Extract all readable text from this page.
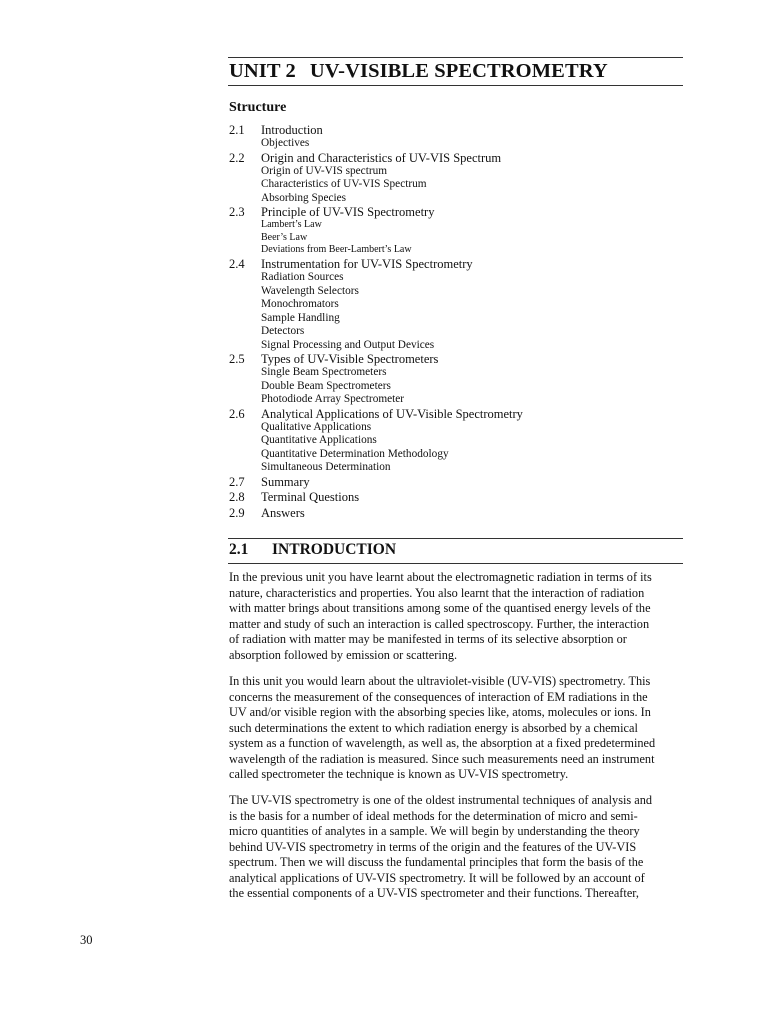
UNIT 2 UV-VISIBLE SPECTROMETRY
Structure
2.1	Introduction
Objectives
2.2	Origin and Characteristics of UV-VIS Spectrum
Origin of UV-VIS spectrum
Characteristics of UV-VIS Spectrum
Absorbing Species
2.3	Principle of UV-VIS Spectrometry
Lambert’s Law
Beer’s Law
Deviations from Beer-Lambert’s Law
2.4	Instrumentation for UV-VIS Spectrometry
Radiation Sources
Wavelength Selectors
Monochromators
Sample Handling
Detectors
Signal Processing and Output Devices
2.5	Types of UV-Visible Spectrometers
Single Beam Spectrometers
Double Beam Spectrometers
Photodiode Array Spectrometer
2.6	Analytical Applications of UV-Visible Spectrometry
Qualitative Applications
Quantitative Applications
Quantitative Determination Methodology
Simultaneous Determination
2.7	Summary
2.8	Terminal Questions
2.9	Answers
2.1 INTRODUCTION
In the previous unit you have learnt about the electromagnetic radiation in terms of its
nature, characteristics and properties. You also learnt that the interaction of radiation
with matter brings about transitions among some of the quantised energy levels of the
matter and study of such an interaction is called spectroscopy. Further, the interaction
of radiation with matter may be manifested in terms of its selective absorption or
absorption followed by emission or scattering.
In this unit you would learn about the ultraviolet-visible (UV-VIS) spectrometry. This
concerns the measurement of the consequences of interaction of EM radiations in the
UV and/or visible region with the absorbing species like, atoms, molecules or ions. In
such determinations the extent to which radiation energy is absorbed by a chemical
system as a function of wavelength, as well as, the absorption at a fixed predetermined
wavelength of the radiation is measured. Since such measurements need an instrument
called spectrometer the technique is known as UV-VIS spectrometry.
The UV-VIS spectrometry is one of the oldest instrumental techniques of analysis and
is the basis for a number of ideal methods for the determination of micro and semi-
micro quantities of analytes in a sample. We will begin by understanding the theory
behind UV-VIS spectrometry in terms of the origin and the features of the UV-VIS
spectrum. Then we will discuss the fundamental principles that form the basis of the
analytical applications of UV-VIS spectrometry. It will be followed by an account of
the essential components of a UV-VIS spectrometer and their functions. Thereafter,
30
